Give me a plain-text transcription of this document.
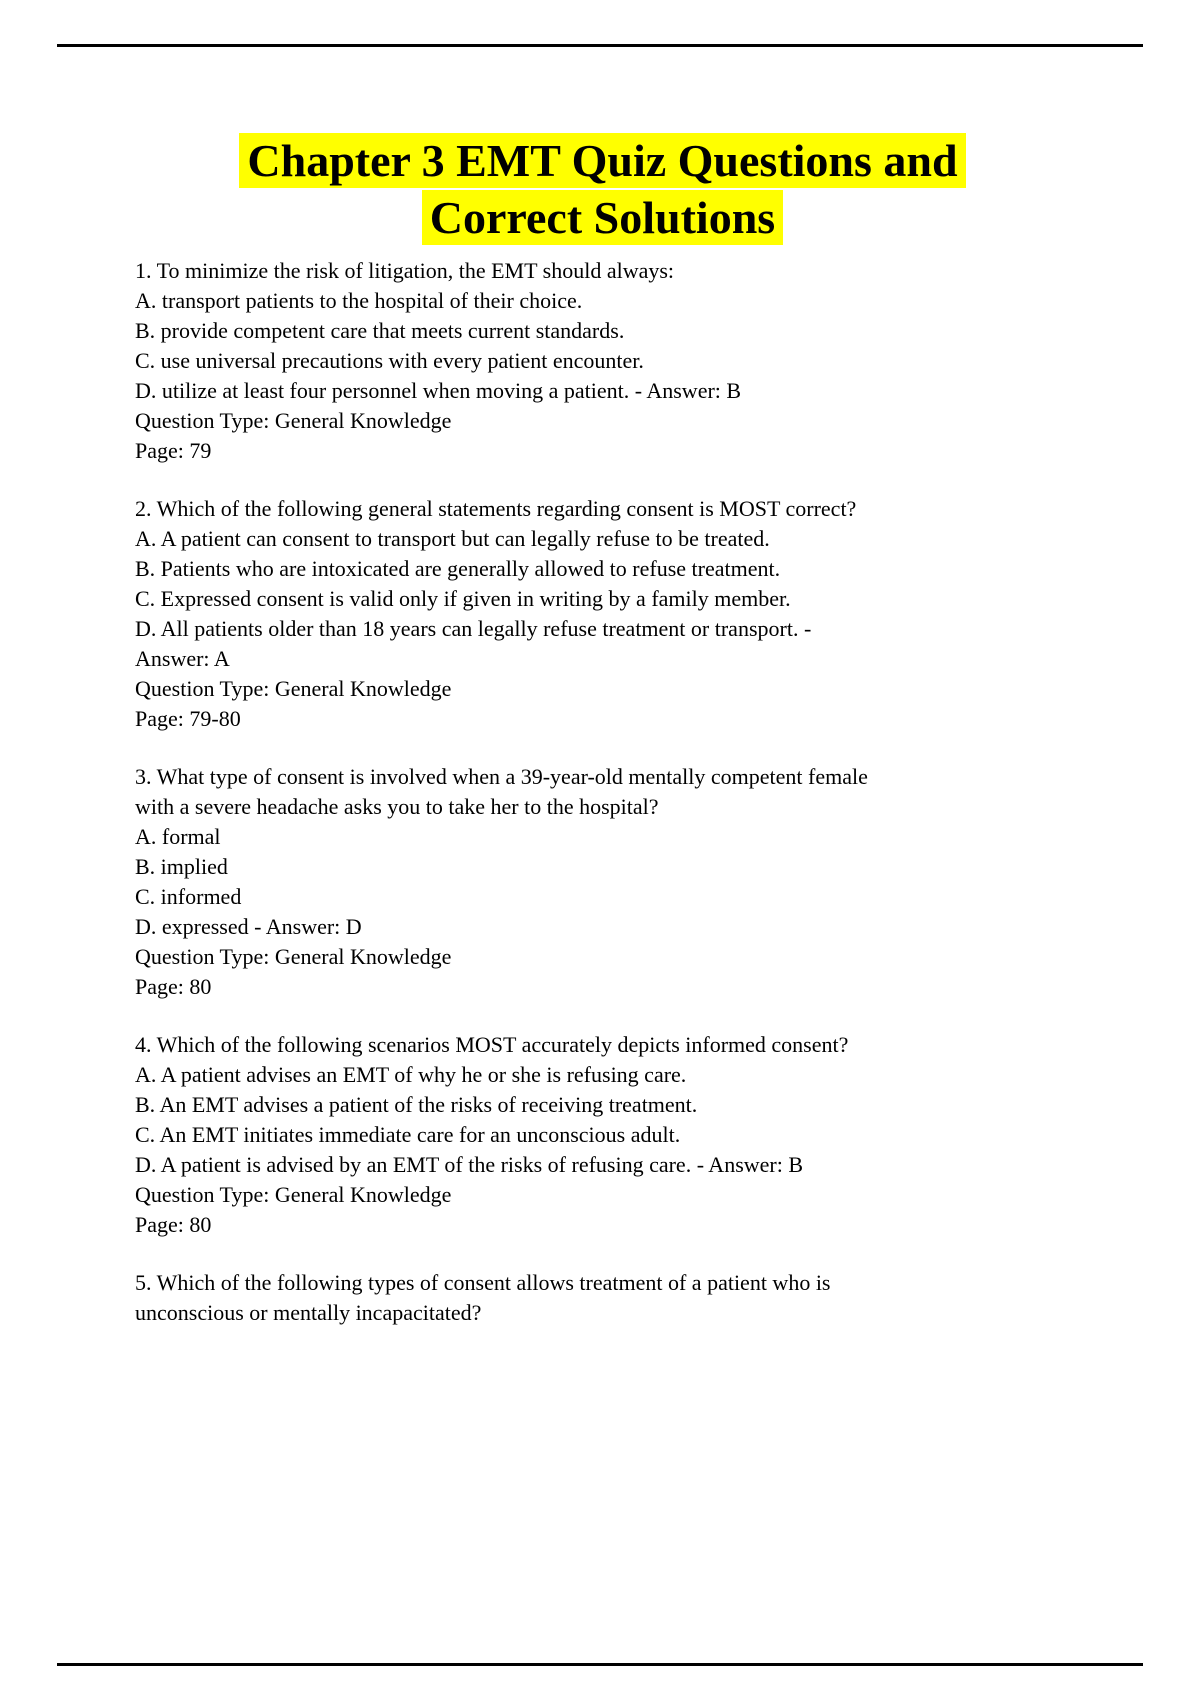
Chapter 3 EMT Quiz Questions and
Correct Solutions
1. To minimize the risk of litigation, the EMT should always:
A. transport patients to the hospital of their choice.
B. provide competent care that meets current standards.
C. use universal precautions with every patient encounter.
D. utilize at least four personnel when moving a patient. - Answer: B
Question Type: General Knowledge
Page: 79
2. Which of the following general statements regarding consent is MOST correct?
A. A patient can consent to transport but can legally refuse to be treated.
B. Patients who are intoxicated are generally allowed to refuse treatment.
C. Expressed consent is valid only if given in writing by a family member.
D. All patients older than 18 years can legally refuse treatment or transport. -
Answer: A
Question Type: General Knowledge
Page: 79-80
3. What type of consent is involved when a 39-year-old mentally competent female
with a severe headache asks you to take her to the hospital?
A. formal
B. implied
C. informed
D. expressed - Answer: D
Question Type: General Knowledge
Page: 80
4. Which of the following scenarios MOST accurately depicts informed consent?
A. A patient advises an EMT of why he or she is refusing care.
B. An EMT advises a patient of the risks of receiving treatment.
C. An EMT initiates immediate care for an unconscious adult.
D. A patient is advised by an EMT of the risks of refusing care. - Answer: B
Question Type: General Knowledge
Page: 80
5. Which of the following types of consent allows treatment of a patient who is
unconscious or mentally incapacitated?
